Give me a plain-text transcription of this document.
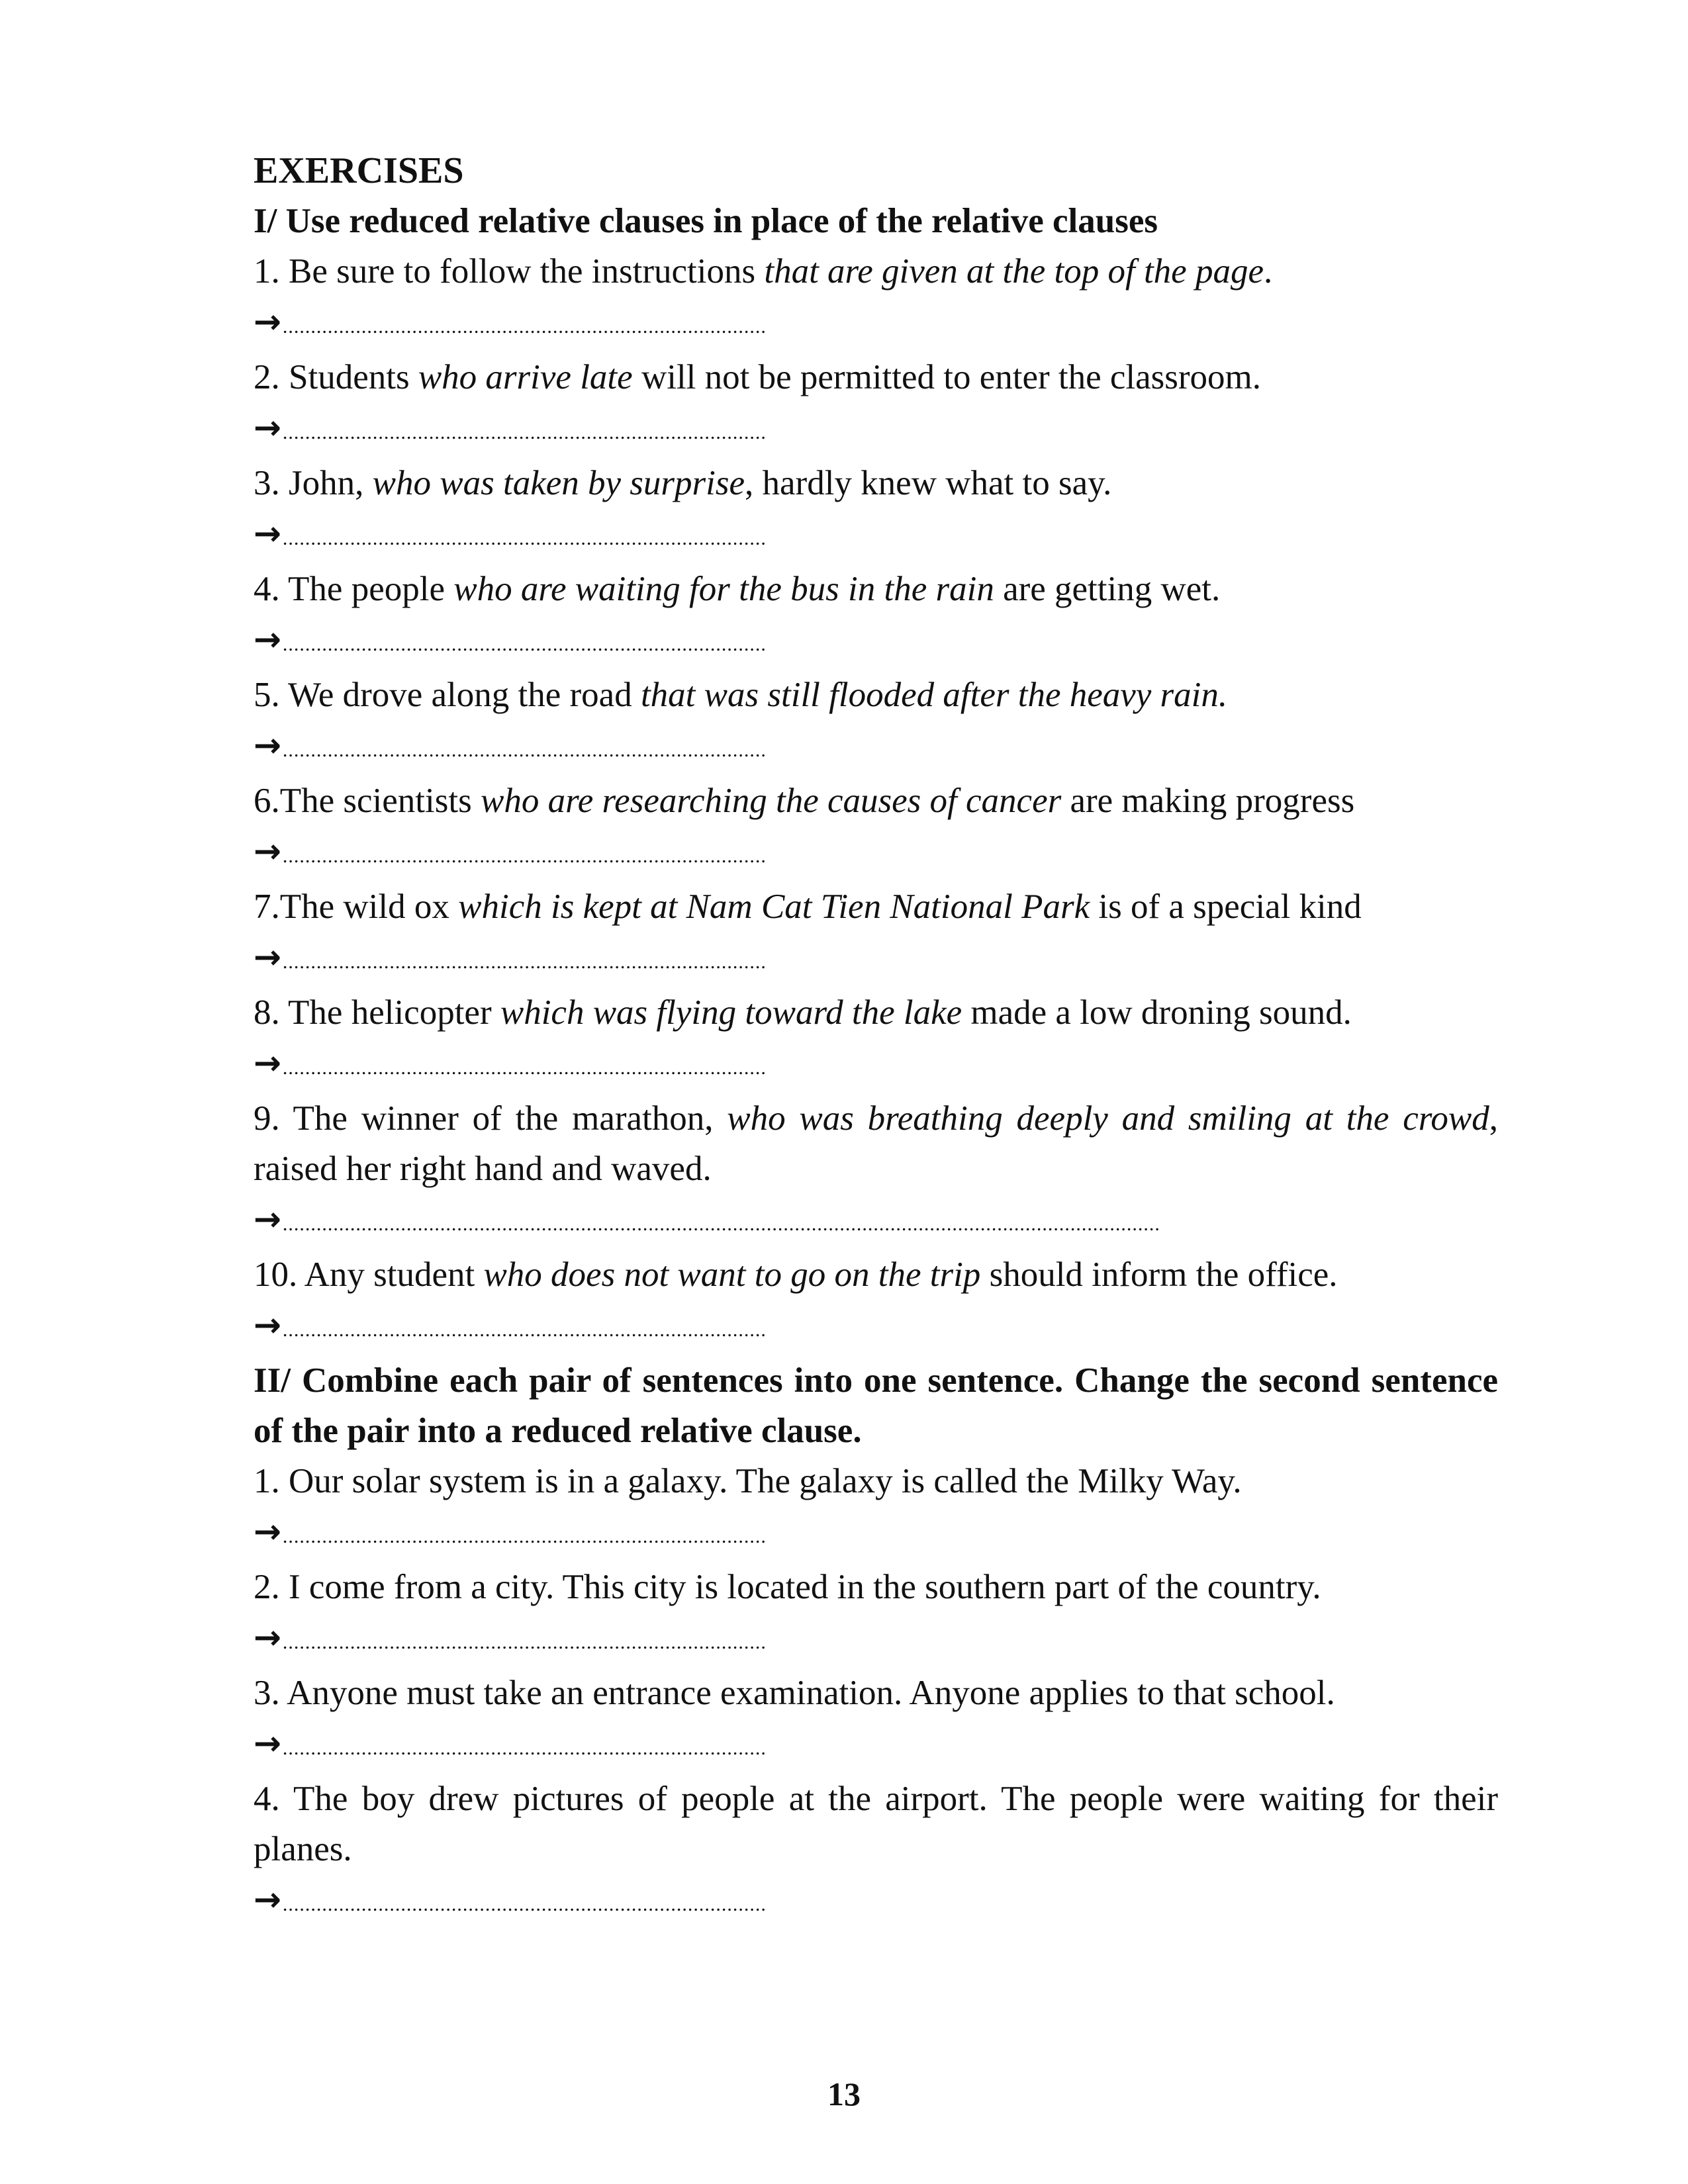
EXERCISES

I/ Use reduced relative clauses in place of the relative clauses

1. Be sure to follow the instructions that are given at the top of the page.

→ ......................................................................................

2. Students who arrive late will not be permitted to enter the classroom.

→ ......................................................................................

3. John, who was taken by surprise, hardly knew what to say.

→ ......................................................................................

4. The people who are waiting for the bus in the rain are getting wet.

→ ......................................................................................

5. We drove along the road that was still flooded after the heavy rain.

→ ......................................................................................

6.The scientists who are researching the causes of cancer are making progress

→ ......................................................................................

7.The wild ox which is kept at Nam Cat Tien National Park is of a special kind

→ ......................................................................................

8. The helicopter which was flying toward the lake made a low droning sound.

→ ......................................................................................

9. The winner of the marathon, who was breathing deeply and smiling at the crowd, raised her right hand and waved.

→ ............................................................................................................................................................

10. Any student who does not want to go on the trip should inform the office.

→ ......................................................................................

II/ Combine each pair of sentences into one sentence. Change the second sentence of the pair into a reduced relative clause.

1. Our solar system is in a galaxy. The galaxy is called the Milky Way.

→ ......................................................................................

2. I come from a city. This city is located in the southern part of the country.

→ ......................................................................................

3. Anyone must take an entrance examination. Anyone applies to that school.

→ ......................................................................................

4. The boy drew pictures of people at the airport. The people were waiting for their planes.

→ ......................................................................................

13
